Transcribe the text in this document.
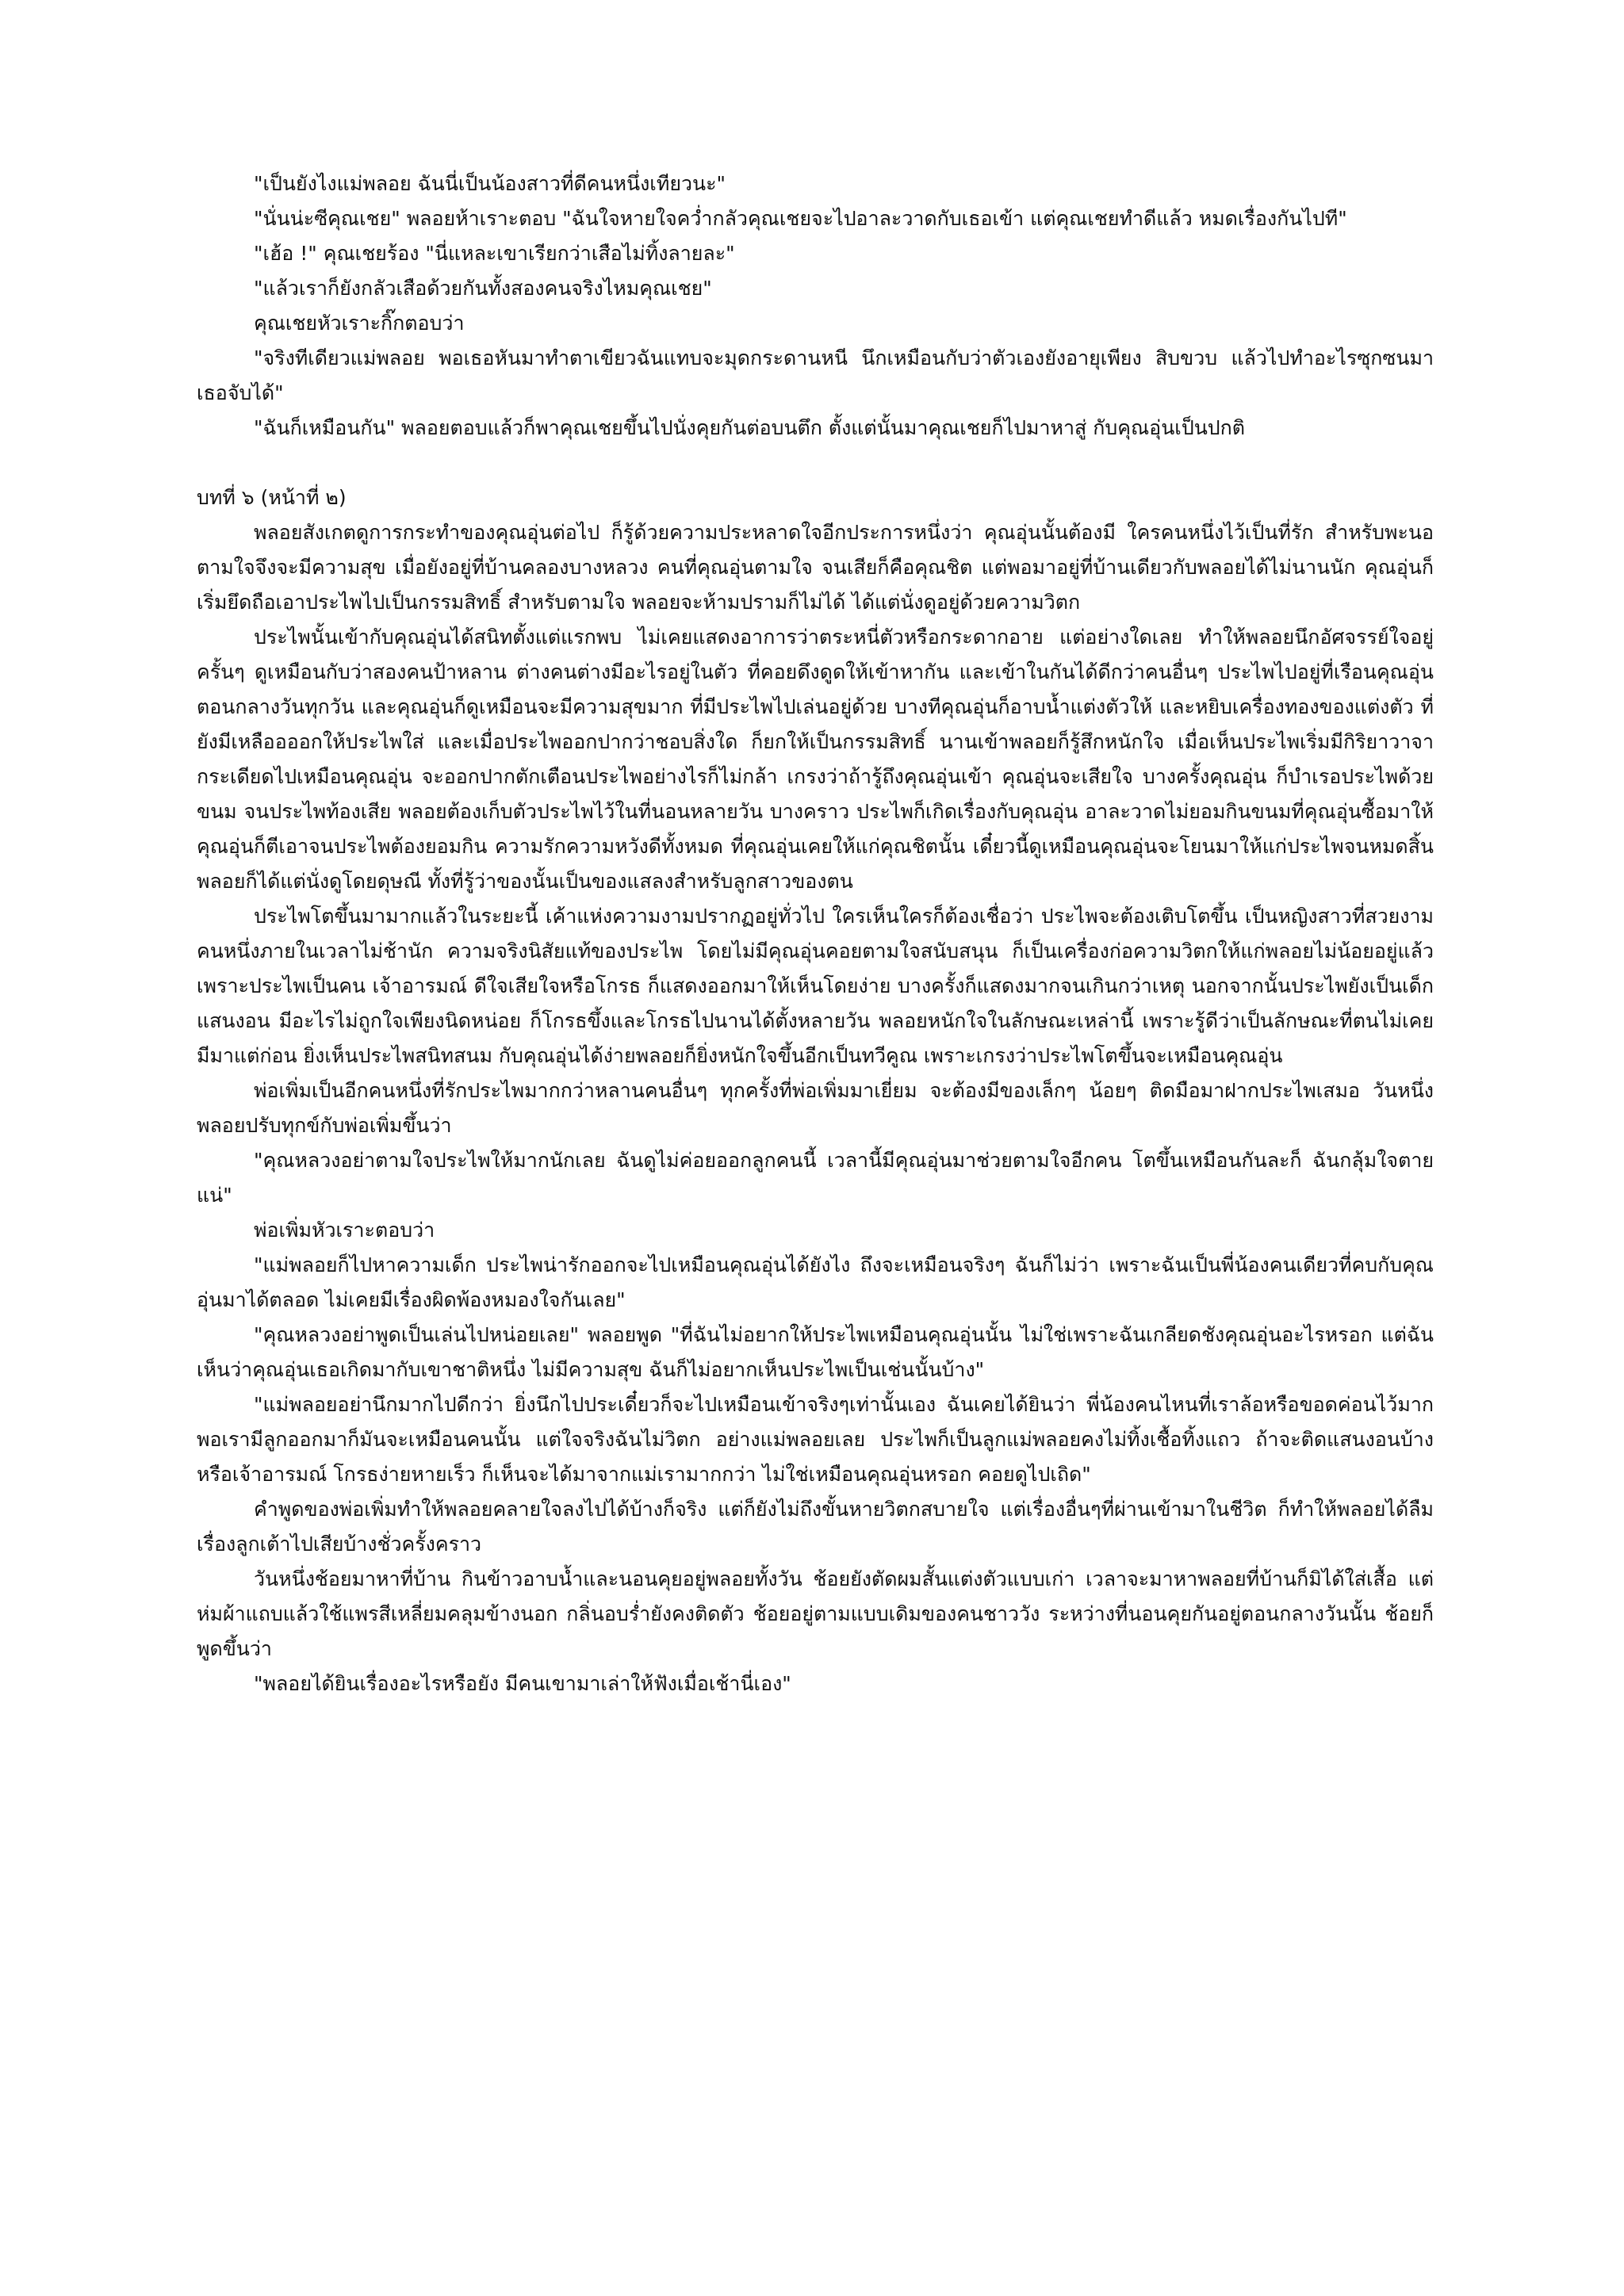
"เป็นยังไงแม่พลอย ฉันนี่เป็นน้องสาวที่ดีคนหนึ่งเทียวนะ"

"นั่นน่ะซีคุณเชย" พลอยห้าเราะตอบ "ฉันใจหายใจคว่ำกลัวคุณเชยจะไปอาละวาดกับเธอเข้า แต่คุณเชยทำดีแล้ว หมดเรื่องกันไปที"

"เฮ้อ !" คุณเชยร้อง "นี่แหละเขาเรียกว่าเสือไม่ทิ้งลายละ"

"แล้วเราก็ยังกลัวเสือด้วยกันทั้งสองคนจริงไหมคุณเชย"

คุณเชยหัวเราะกิ๊กตอบว่า

"จริงทีเดียวแม่พลอย พอเธอหันมาทำตาเขียวฉันแทบจะมุดกระดานหนี นึกเหมือนกับว่าตัวเองยังอายุเพียง สิบขวบ แล้วไปทำอะไรซุกซนมาเธอจับได้"

"ฉันก็เหมือนกัน" พลอยตอบแล้วก็พาคุณเชยขึ้นไปนั่งคุยกันต่อบนตึก ตั้งแต่นั้นมาคุณเชยก็ไปมาหาสู่ กับคุณอุ่นเป็นปกติ

บทที่ ๖ (หน้าที่ ๒)

พลอยสังเกตดูการกระทำของคุณอุ่นต่อไป ก็รู้ด้วยความประหลาดใจอีกประการหนึ่งว่า คุณอุ่นนั้นต้องมี ใครคนหนึ่งไว้เป็นที่รัก สำหรับพะนอตามใจจึงจะมีความสุข เมื่อยังอยู่ที่บ้านคลองบางหลวง คนที่คุณอุ่นตามใจ จนเสียก็คือคุณชิต แต่พอมาอยู่ที่บ้านเดียวกับพลอยได้ไม่นานนัก คุณอุ่นก็เริ่มยึดถือเอาประไพไปเป็นกรรมสิทธิ์ สำหรับตามใจ พลอยจะห้ามปรามก็ไม่ได้ ได้แต่นั่งดูอยู่ด้วยความวิตก

ประไพนั้นเข้ากับคุณอุ่นได้สนิทตั้งแต่แรกพบ ไม่เคยแสดงอาการว่าตระหนี่ตัวหรือกระดากอาย แต่อย่างใดเลย ทำให้พลอยนึกอัศจรรย์ใจอยู่ครั้นๆ ดูเหมือนกับว่าสองคนป้าหลาน ต่างคนต่างมีอะไรอยู่ในตัว ที่คอยดึงดูดให้เข้าหากัน และเข้าในกันได้ดีกว่าคนอื่นๆ ประไพไปอยู่ที่เรือนคุณอุ่นตอนกลางวันทุกวัน และคุณอุ่นก็ดูเหมือนจะมีความสุขมาก ที่มีประไพไปเล่นอยู่ด้วย บางทีคุณอุ่นก็อาบน้ำแต่งตัวให้ และหยิบเครื่องทองของแต่งตัว ที่ยังมีเหลืออออกให้ประไพใส่ และเมื่อประไพออกปากว่าชอบสิ่งใด ก็ยกให้เป็นกรรมสิทธิ์ นานเข้าพลอยก็รู้สึกหนักใจ เมื่อเห็นประไพเริ่มมีกิริยาวาจากระเดียดไปเหมือนคุณอุ่น จะออกปากตักเตือนประไพอย่างไรก็ไม่กล้า เกรงว่าถ้ารู้ถึงคุณอุ่นเข้า คุณอุ่นจะเสียใจ บางครั้งคุณอุ่น ก็บำเรอประไพด้วยขนม จนประไพท้องเสีย พลอยต้องเก็บตัวประไพไว้ในที่นอนหลายวัน บางคราว ประไพก็เกิดเรื่องกับคุณอุ่น อาละวาดไม่ยอมกินขนมที่คุณอุ่นซื้อมาให้ คุณอุ่นก็ตีเอาจนประไพต้องยอมกิน ความรักความหวังดีทั้งหมด ที่คุณอุ่นเคยให้แก่คุณชิตนั้น เดี๋ยวนี้ดูเหมือนคุณอุ่นจะโยนมาให้แก่ประไพจนหมดสิ้น พลอยก็ได้แต่นั่งดูโดยดุษณี ทั้งที่รู้ว่าของนั้นเป็นของแสลงสำหรับลูกสาวของตน

ประไพโตขึ้นมามากแล้วในระยะนี้ เค้าแห่งความงามปรากฏอยู่ทั่วไป ใครเห็นใครก็ต้องเชื่อว่า ประไพจะต้องเติบโตขึ้น เป็นหญิงสาวที่สวยงามคนหนึ่งภายในเวลาไม่ช้านัก ความจริงนิสัยแท้ของประไพ โดยไม่มีคุณอุ่นคอยตามใจสนับสนุน ก็เป็นเครื่องก่อความวิตกให้แก่พลอยไม่น้อยอยู่แล้ว เพราะประไพเป็นคน เจ้าอารมณ์ ดีใจเสียใจหรือโกรธ ก็แสดงออกมาให้เห็นโดยง่าย บางครั้งก็แสดงมากจนเกินกว่าเหตุ นอกจากนั้นประไพยังเป็นเด็กแสนงอน มีอะไรไม่ถูกใจเพียงนิดหน่อย ก็โกรธขึ้งและโกรธไปนานได้ตั้งหลายวัน พลอยหนักใจในลักษณะเหล่านี้ เพราะรู้ดีว่าเป็นลักษณะที่ตนไม่เคยมีมาแต่ก่อน ยิ่งเห็นประไพสนิทสนม กับคุณอุ่นได้ง่ายพลอยก็ยิ่งหนักใจขึ้นอีกเป็นทวีคูณ เพราะเกรงว่าประไพโตขึ้นจะเหมือนคุณอุ่น

พ่อเพิ่มเป็นอีกคนหนึ่งที่รักประไพมากกว่าหลานคนอื่นๆ ทุกครั้งที่พ่อเพิ่มมาเยี่ยม จะต้องมีของเล็กๆ น้อยๆ ติดมือมาฝากประไพเสมอ วันหนึ่งพลอยปรับทุกข์กับพ่อเพิ่มขึ้นว่า

"คุณหลวงอย่าตามใจประไพให้มากนักเลย ฉันดูไม่ค่อยออกลูกคนนี้ เวลานี้มีคุณอุ่นมาช่วยตามใจอีกคน โตขึ้นเหมือนกันละก็ ฉันกลุ้มใจตายแน่"

พ่อเพิ่มหัวเราะตอบว่า

"แม่พลอยก็ไปหาความเด็ก ประไพน่ารักออกจะไปเหมือนคุณอุ่นได้ยังไง ถึงจะเหมือนจริงๆ ฉันก็ไม่ว่า เพราะฉันเป็นพี่น้องคนเดียวที่คบกับคุณอุ่นมาได้ตลอด ไม่เคยมีเรื่องผิดพ้องหมองใจกันเลย"

"คุณหลวงอย่าพูดเป็นเล่นไปหน่อยเลย" พลอยพูด "ที่ฉันไม่อยากให้ประไพเหมือนคุณอุ่นนั้น ไม่ใช่เพราะฉันเกลียดชังคุณอุ่นอะไรหรอก แต่ฉันเห็นว่าคุณอุ่นเธอเกิดมากับเขาชาติหนึ่ง ไม่มีความสุข ฉันก็ไม่อยากเห็นประไพเป็นเช่นนั้นบ้าง"

"แม่พลอยอย่านึกมากไปดีกว่า ยิ่งนึกไปประเดี๋ยวก็จะไปเหมือนเข้าจริงๆเท่านั้นเอง ฉันเคยได้ยินว่า พี่น้องคนไหนที่เราล้อหรือขอดค่อนไว้มาก พอเรามีลูกออกมาก็มันจะเหมือนคนนั้น แต่ใจจริงฉันไม่วิตก อย่างแม่พลอยเลย ประไพก็เป็นลูกแม่พลอยคงไม่ทิ้งเชื้อทิ้งแถว ถ้าจะติดแสนงอนบ้างหรือเจ้าอารมณ์ โกรธง่ายหายเร็ว ก็เห็นจะได้มาจากแม่เรามากกว่า ไม่ใช่เหมือนคุณอุ่นหรอก คอยดูไปเถิด"

คำพูดของพ่อเพิ่มทำให้พลอยคลายใจลงไปได้บ้างก็จริง แต่ก็ยังไม่ถึงขั้นหายวิตกสบายใจ แต่เรื่องอื่นๆที่ผ่านเข้ามาในชีวิต ก็ทำให้พลอยได้ลืมเรื่องลูกเต้าไปเสียบ้างชั่วครั้งคราว

วันหนึ่งช้อยมาหาที่บ้าน กินข้าวอาบน้ำและนอนคุยอยู่พลอยทั้งวัน ช้อยยังตัดผมสั้นแต่งตัวแบบเก่า เวลาจะมาหาพลอยที่บ้านก็มิได้ใส่เสื้อ แต่ห่มผ้าแถบแล้วใช้แพรสีเหลี่ยมคลุมข้างนอก กลิ่นอบร่ำยังคงติดตัว ช้อยอยู่ตามแบบเดิมของคนชาววัง ระหว่างที่นอนคุยกันอยู่ตอนกลางวันนั้น ช้อยก็พูดขึ้นว่า

"พลอยได้ยินเรื่องอะไรหรือยัง มีคนเขามาเล่าให้ฟังเมื่อเช้านี่เอง"
